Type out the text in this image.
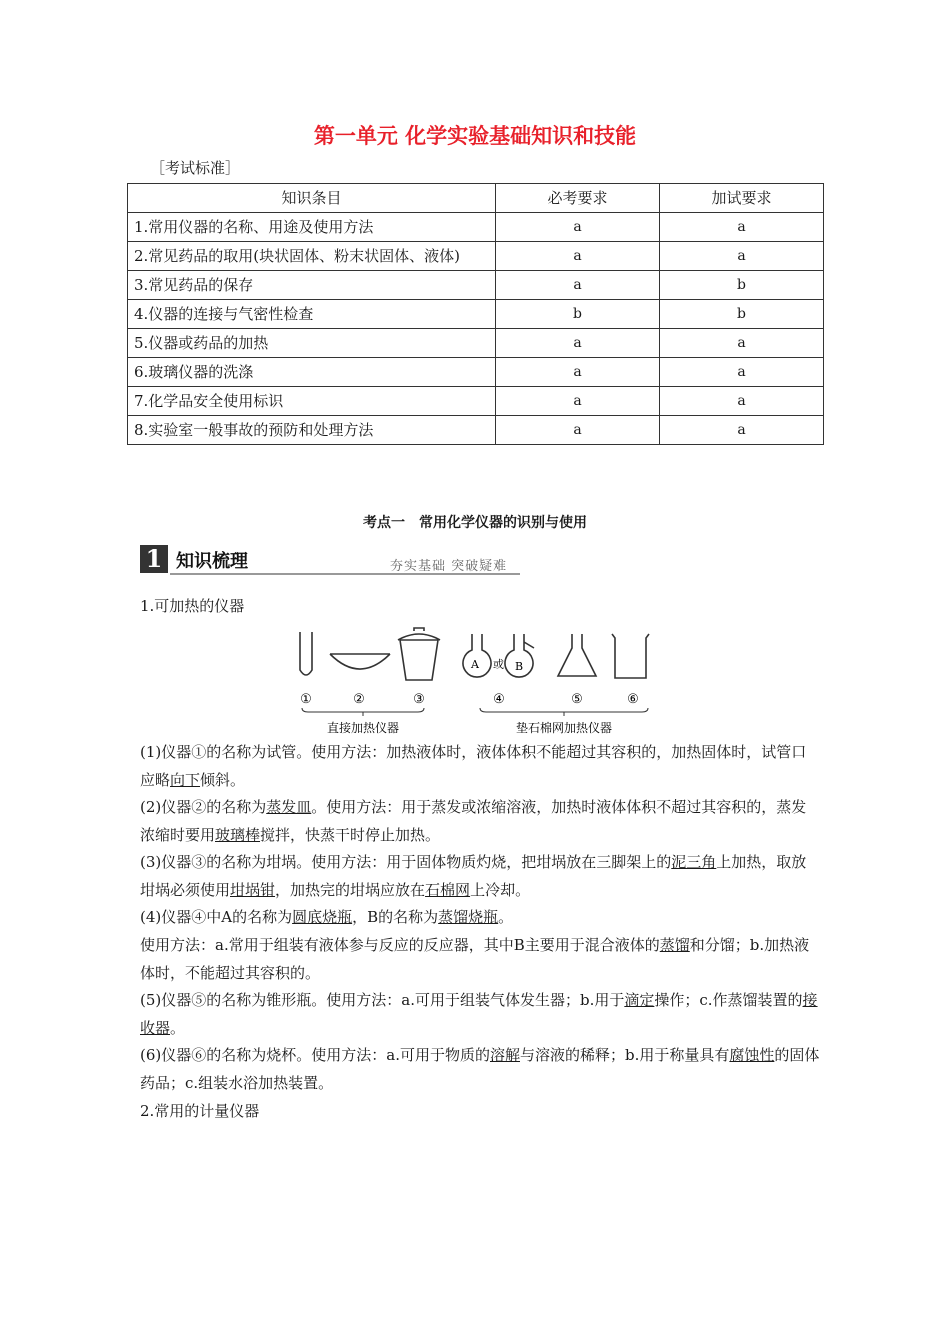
第一单元 化学实验基础知识和技能
［考试标准］
知识条目	必考要求	加试要求
1.常用仪器的名称、用途及使用方法	a	a
2.常见药品的取用(块状固体、粉末状固体、液体)	a	a
3.常见药品的保存	a	b
4.仪器的连接与气密性检查	b	b
5.仪器或药品的加热	a	a
6.玻璃仪器的洗涤	a	a
7.化学品安全使用标识	a	a
8.实验室一般事故的预防和处理方法	a	a
考点一　常用化学仪器的识别与使用
1 知识梳理	夯实基础 突破疑难
1.可加热的仪器
A 或 B
①	②	③	④	⑤	⑥
直接加热仪器	垫石棉网加热仪器
(1)仪器①的名称为试管。使用方法：加热液体时，液体体积不能超过其容积的，加热固体时，试管口应略向下倾斜。
(2)仪器②的名称为蒸发皿。使用方法：用于蒸发或浓缩溶液，加热时液体体积不超过其容积的，蒸发浓缩时要用玻璃棒搅拌，快蒸干时停止加热。
(3)仪器③的名称为坩埚。使用方法：用于固体物质灼烧，把坩埚放在三脚架上的泥三角上加热，取放坩埚必须使用坩埚钳，加热完的坩埚应放在石棉网上冷却。
(4)仪器④中A的名称为圆底烧瓶，B的名称为蒸馏烧瓶。
使用方法：a.常用于组装有液体参与反应的反应器，其中B主要用于混合液体的蒸馏和分馏；b.加热液体时，不能超过其容积的。
(5)仪器⑤的名称为锥形瓶。使用方法：a.可用于组装气体发生器；b.用于滴定操作；c.作蒸馏装置的接收器。
(6)仪器⑥的名称为烧杯。使用方法：a.可用于物质的溶解与溶液的稀释；b.用于称量具有腐蚀性的固体药品；c.组装水浴加热装置。
2.常用的计量仪器
